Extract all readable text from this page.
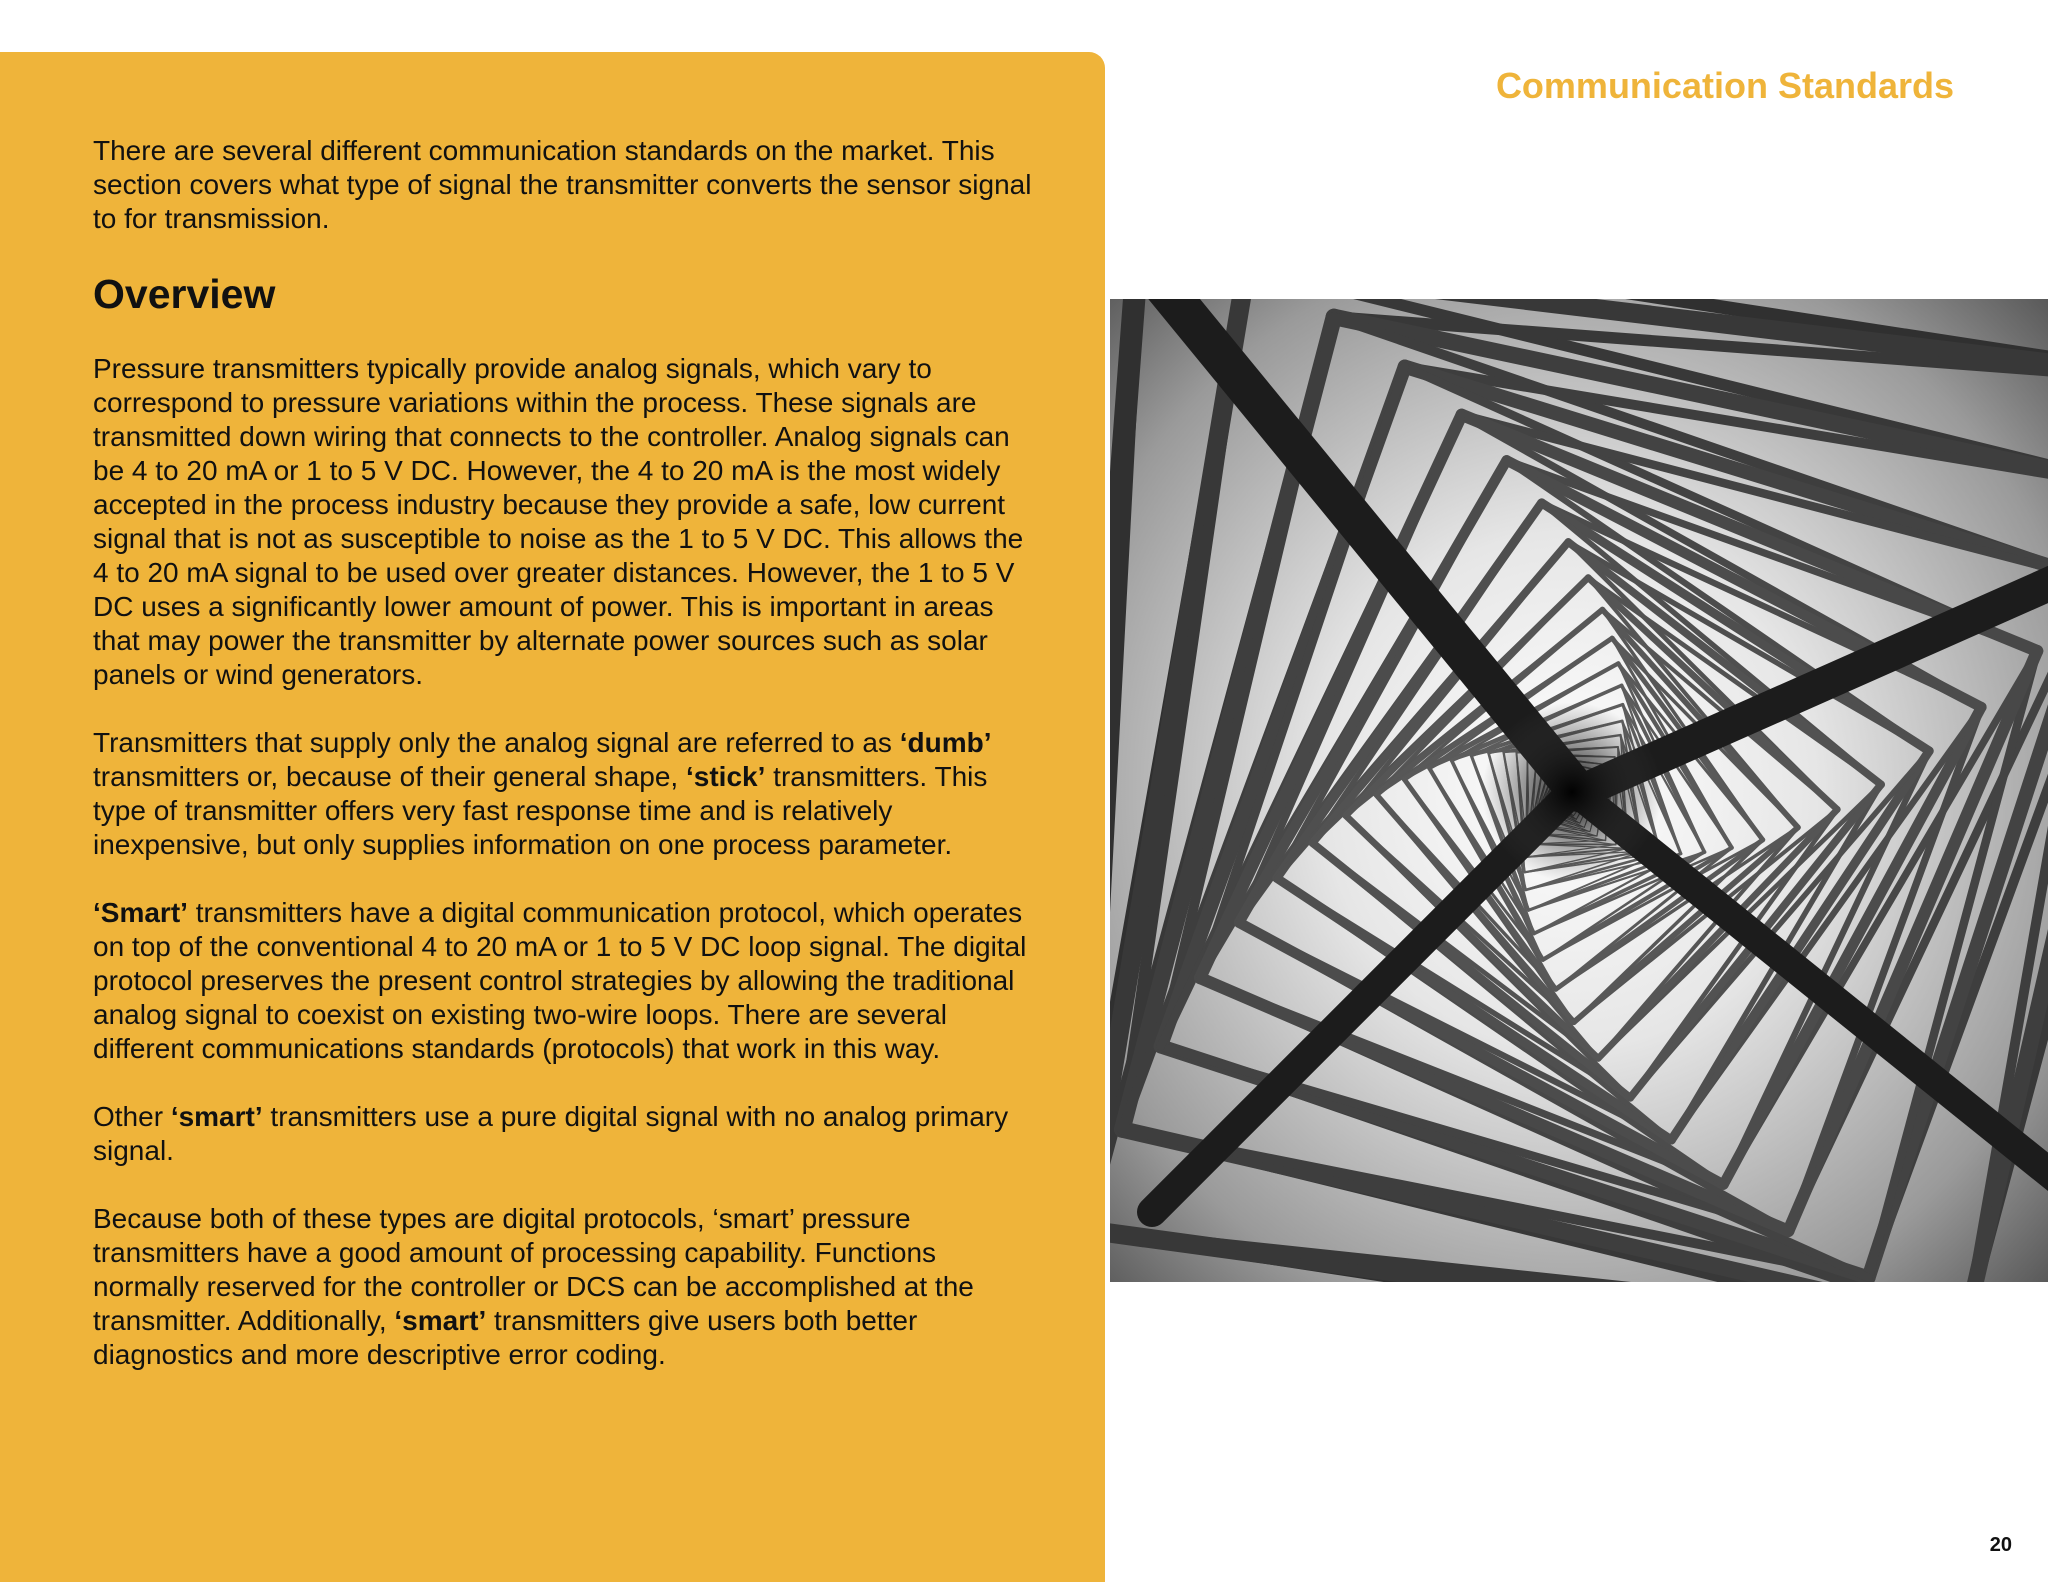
Communication Standards

There are several different communication standards on the market. This section covers what type of signal the transmitter converts the sensor signal to for transmission.

Overview

Pressure transmitters typically provide analog signals, which vary to correspond to pressure variations within the process. These signals are transmitted down wiring that connects to the controller. Analog signals can be 4 to 20 mA or 1 to 5 V DC. However, the 4 to 20 mA is the most widely accepted in the process industry because they provide a safe, low current signal that is not as susceptible to noise as the 1 to 5 V DC. This allows the 4 to 20 mA signal to be used over greater distances. However, the 1 to 5 V DC uses a significantly lower amount of power. This is important in areas that may power the transmitter by alternate power sources such as solar panels or wind generators.

Transmitters that supply only the analog signal are referred to as ‘dumb’ transmitters or, because of their general shape, ‘stick’ transmitters. This type of transmitter offers very fast response time and is relatively inexpensive, but only supplies information on one process parameter.

‘Smart’ transmitters have a digital communication protocol, which operates on top of the conventional 4 to 20 mA or 1 to 5 V DC loop signal. The digital protocol preserves the present control strategies by allowing the traditional analog signal to coexist on existing two-wire loops. There are several different communications standards (protocols) that work in this way.

Other ‘smart’ transmitters use a pure digital signal with no analog primary signal.

Because both of these types are digital protocols, ‘smart’ pressure transmitters have a good amount of processing capability. Functions normally reserved for the controller or DCS can be accomplished at the transmitter. Additionally, ‘smart’ transmitters give users both better diagnostics and more descriptive error coding.

20
